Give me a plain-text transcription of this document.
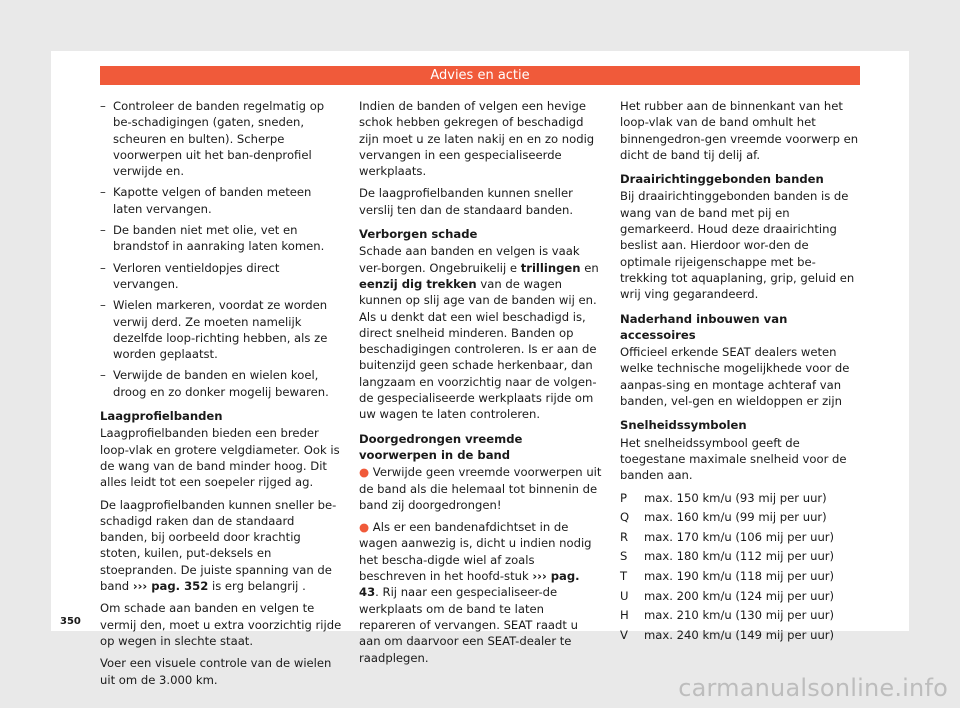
Advies en actie
– Controleer de banden regelmatig op be-schadigingen (gaten, sneden, scheuren en bulten). Scherpe voorwerpen uit het ban-denprofiel verwijde en.
– Kapotte velgen of banden meteen laten vervangen.
– De banden niet met olie, vet en brandstof in aanraking laten komen.
– Verloren ventieldopjes direct vervangen.
– Wielen markeren, voordat ze worden verwij derd. Ze moeten namelijk dezelfde loop-richting hebben, als ze worden geplaatst.
– Verwijde de banden en wielen koel, droog en zo donker mogelij bewaren.
Laagprofielbanden

Laagprofielbanden bieden een breder loop-vlak en grotere velgdiameter. Ook is de wang van de band minder hoog. Dit alles leidt tot een soepeler rijged ag.

De laagprofielbanden kunnen sneller be-schadigd raken dan de standaard banden, bij oorbeeld door krachtig stoten, kuilen, put-deksels en stoepranden. De juiste spanning van de band ››› pag. 352 is erg belangrij .

Om schade aan banden en velgen te vermij den, moet u extra voorzichtig rijde op wegen in slechte staat.

Voer een visuele controle van de wielen uit om de 3.000 km.

Indien de banden of velgen een hevige schok hebben gekregen of beschadigd zijn moet u ze laten nakij en en zo nodig vervangen in een gespecialiseerde werkplaats.

De laagprofielbanden kunnen sneller verslij ten dan de standaard banden.

Verborgen schade

Schade aan banden en velgen is vaak ver-borgen. Ongebruikelij e trillingen en eenzij dig trekken van de wagen kunnen op slij age van de banden wij en. Als u denkt dat een wiel beschadigd is, direct snelheid minderen. Banden op beschadigingen controleren. Is er aan de buitenzijd geen schade herkenbaar, dan langzaam en voorzichtig naar de volgen-de gespecialiseerde werkplaats rijde om uw wagen te laten controleren.

Doorgedrongen vreemde voorwerpen in de band
● Verwijde geen vreemde voorwerpen uit de band als die helemaal tot binnenin de band zij doorgedrongen!
● Als er een bandenafdichtset in de wagen aanwezig is, dicht u indien nodig het bescha-digde wiel af zoals beschreven in het hoofd-stuk ››› pag. 43. Rij naar een gespecialiseer-de werkplaats om de band te laten repareren of vervangen. SEAT raadt u aan om daarvoor een SEAT-dealer te raadplegen.

Het rubber aan de binnenkant van het loop-vlak van de band omhult het binnengedron-gen vreemde voorwerp en dicht de band tij delij af.

Draairichtinggebonden banden

Bij draairichtinggebonden banden is de wang van de band met pij en gemarkeerd. Houd deze draairichting beslist aan. Hierdoor wor-den de optimale rijeigenschappe met be-trekking tot aquaplaning, grip, geluid en wrij ving gegarandeerd.

Naderhand inbouwen van accessoires

Officieel erkende SEAT dealers weten welke technische mogelijkhede voor de aanpas-sing en montage achteraf van banden, vel-gen en wieldoppen er zijn

Snelheidssymbolen

Het snelheidssymbool geeft de toegestane maximale snelheid voor de banden aan.

P	max. 150 km/u (93 mij per uur)
Q	max. 160 km/u (99 mij per uur)
R	max. 170 km/u (106 mij per uur)
S	max. 180 km/u (112 mij per uur)
T	max. 190 km/u (118 mij per uur)
U	max. 200 km/u (124 mij per uur)
H	max. 210 km/u (130 mij per uur)
V	max. 240 km/u (149 mij per uur)
350
carmanualsonline.info
